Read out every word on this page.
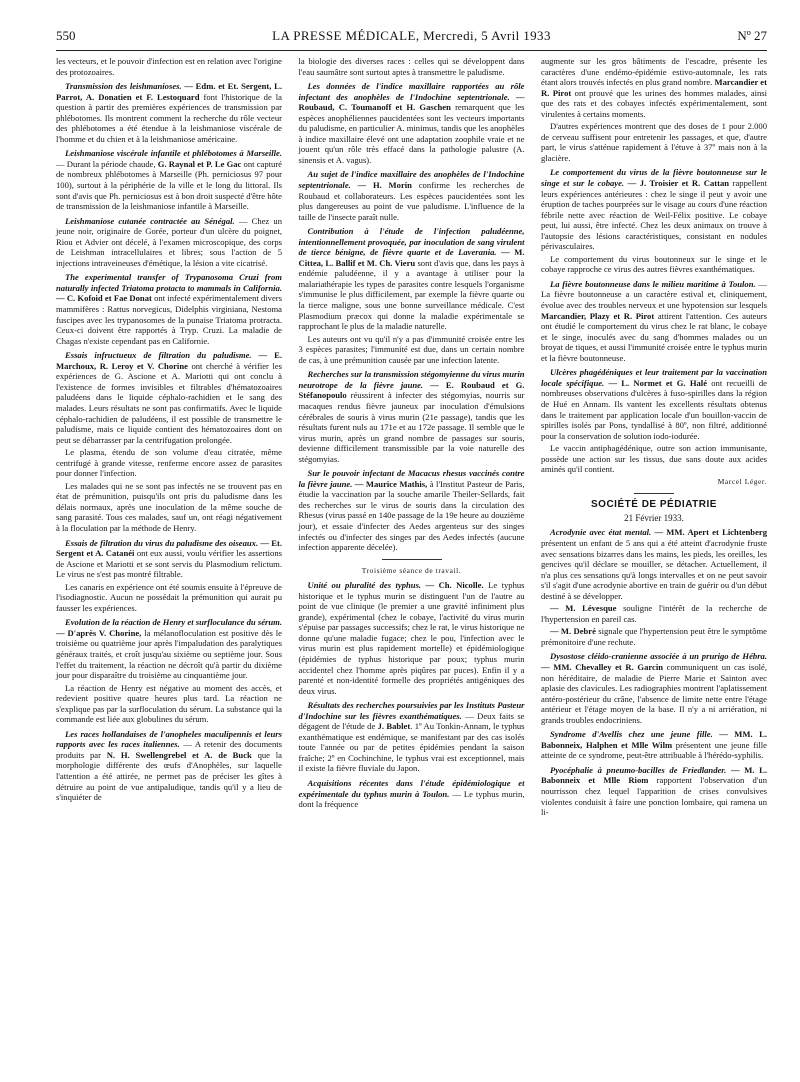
550	LA PRESSE MÉDICALE, Mercredi, 5 Avril 1933	Nº 27

les vecteurs, et le pouvoir d'infection est en relation avec l'origine des protozoaires.

Transmission des leishmanioses. — Edm. et Et. Sergent, L. Parrot, A. Donatien et F. Lestoquard font l'historique de la question à partir des premières expériences de transmission par phlébotomes. Ils montrent comment la recherche du rôle vecteur des phlébotomes a été étendue à la leishmaniose viscérale de l'homme et du chien et à la leishmaniose américaine.

Leishmaniose viscérale infantile et phlébotomes à Marseille. — Durant la période chaude, G. Raynal et P. Le Gac ont capturé de nombreux phlébotomes à Marseille (Ph. perniciosus 97 pour 100), surtout à la périphérie de la ville et le long du littoral. Ils sont d'avis que Ph. perniciosus est à bon droit suspecté d'être hôte de transmission de la leishmaniose infantile à Marseille.

Leishmaniose cutanée contractée au Sénégal. — Chez un jeune noir, originaire de Gorée, porteur d'un ulcère du poignet, Riou et Advier ont décelé, à l'examen microscopique, des corps de Leishman intracellulaires et libres; sous l'action de 5 injections intraveineuses d'émétique, la lésion a vite cicatrisé.

The experimental transfer of Trypanosoma Cruzi from naturally infected Triatoma protacta to mammals in California. — C. Kofoid et Fae Donat ont infecté expérimentalement divers mammifères : Rattus norvegicus, Didelphis virginiana, Nestoma fuscipes avec les trypanosomes de la punaise Triatoma protracta. Ceux-ci doivent être rapportés à Tryp. Cruzi. La maladie de Chagas n'existe cependant pas en Californie.

Essais infructueux de filtration du paludisme. — E. Marchoux, R. Leroy et V. Chorine ont cherché à vérifier les expériences de G. Ascione et A. Mariotti qui ont conclu à l'existence de formes invisibles et filtrables d'hématozoaires paludéens dans le liquide céphalo-rachidien et le sang des malades. Leurs résultats ne sont pas confirmatifs. Avec le liquide céphalo-rachidien de paludéens, il est possible de transmettre le paludisme, mais ce liquide contient des hématozoaires dont on peut se débarrasser par la centrifugation prolongée.

Le plasma, étendu de son volume d'eau citratée, même centrifugé à grande vitesse, renferme encore assez de parasites pour donner l'infection.

Les malades qui ne se sont pas infectés ne se trouvent pas en état de prémunition, puisqu'ils ont pris du paludisme dans les délais normaux, après une inoculation de la même souche de sang parasité. Tous ces malades, sauf un, ont réagi négativement à la floculation par la méthode de Henry.

Essais de filtration du virus du paludisme des oiseaux. — Et. Sergent et A. Catanéi ont eux aussi, voulu vérifier les assertions de Ascione et Mariotti et se sont servis du Plasmodium relictum. Le virus ne s'est pas montré filtrable.

Les canaris en expérience ont été soumis ensuite à l'épreuve de l'isodiagnostic. Aucun ne possédait la prémunition qui aurait pu fausser les expériences.

Evolution de la réaction de Henry et surfloculance du sérum. — D'après V. Chorine, la mélanofloculation est positive dès le troisième ou quatrième jour après l'impaludation des paralytiques généraux traités, et croît jusqu'au sixième ou septième jour. Sous l'effet du traitement, la réaction ne décroît qu'à partir du dixième jour pour disparaître du troisième au cinquantième jour.

La réaction de Henry est négative au moment des accès, et redevient positive quatre heures plus tard. La réaction ne s'explique pas par la surfloculation du sérum. La substance qui la commande est liée aux globulines du sérum.

Les races hollandaises de l'anopheles maculipennis et leurs rapports avec les races italiennes. — A retenir des documents produits par N. H. Swellengrebel et A. de Buck que la morphologie différente des œufs d'Anophèles, sur laquelle l'attention a été attirée, ne permet pas de préciser les gîtes à détruire au point de vue antipaludique, tandis qu'il y a lieu de s'inquiéter de

la biologie des diverses races : celles qui se développent dans l'eau saumâtre sont surtout aptes à transmettre le paludisme.

Les données de l'indice maxillaire rapportées au rôle infectant des anophèles de l'Indochine septentrionale. — Roubaud, C. Toumanoff et H. Gaschen remarquent que les espèces anophéliennes paucidentées sont les vecteurs importants du paludisme, en particulier A. minimus, tandis que les anophèles à indice maxillaire élevé ont une adaptation zoophile vraie et ne jouent qu'un rôle très effacé dans la pathologie palustre (A. sinensis et A. vagus).

Au sujet de l'indice maxillaire des anophèles de l'Indochine septentrionale. — H. Morin confirme les recherches de Roubaud et collaborateurs. Les espèces paucidentées sont les plus dangereuses au point de vue paludisme. L'influence de la taille de l'insecte paraît nulle.

Contribution à l'étude de l'infection paludéenne, intentionnellement provoquée, par inoculation de sang virulent de tierce bénigne, de fièvre quarte et de Laverania. — M. Cittea, L. Ballif et M. Ch. Vieru sont d'avis que, dans les pays à endémie paludéenne, il y a avantage à utiliser pour la malariathérapie les types de parasites contre lesquels l'organisme s'immunise le plus difficilement, par exemple la fièvre quarte ou la tierce maligne, sous une bonne surveillance médicale. C'est Plasmodium præcox qui donne la maladie expérimentale se rapprochant le plus de la maladie naturelle.

Les auteurs ont vu qu'il n'y a pas d'immunité croisée entre les 3 espèces parasites; l'immunité est due, dans un certain nombre de cas, à une prémunition causée par une infection latente.

Recherches sur la transmission stégomyienne du virus murin neurotrope de la fièvre jaune. — E. Roubaud et G. Stéfanopoulo réussirent à infecter des stégomyias, nourris sur macaques rendus fièvre jauneux par inoculation d'émulsions cérébrales de souris à virus murin (21e passage), tandis que les résultats furent nuls au 171e et au 172e passage. Il semble que le virus murin, après un grand nombre de passages sur souris, devienne difficilement transmissible par la voie naturelle des stégomyias.

Sur le pouvoir infectant de Macacus rhesus vaccinés contre la fièvre jaune. — Maurice Mathis, à l'Institut Pasteur de Paris, étudie la vaccination par la souche amarile Theiler-Sellards, fait des recherches sur le virus de souris dans la circulation des Rhesus (virus passé en 140e passage de la 19e heure au douzième jour), et essaie d'infecter des Aedes argenteus sur des singes infectés ou d'infecter des singes par des Aedes infectés (aucune infection apparente décelée).

Troisième séance de travail.

Unité ou pluralité des typhus. — Ch. Nicolle. Le typhus historique et le typhus murin se distinguent l'un de l'autre au point de vue clinique (le premier a une gravité infiniment plus grande), expérimental (chez le cobaye, l'activité du virus murin s'épuise par passages successifs; chez le rat, le virus historique ne donne qu'une maladie fugace; chez le pou, l'infection avec le virus murin est plus rapidement mortelle) et épidémiologique (épidémies de typhus historique par poux; typhus murin accidentel chez l'homme après piqûres par puces). Enfin il y a parenté et non-identité formelle des propriétés antigéniques des deux virus.

Résultats des recherches poursuivies par les Instituts Pasteur d'Indochine sur les fièvres exanthématiques. — Deux faits se dégagent de l'étude de J. Bablet. 1º Au Tonkin-Annam, le typhus exanthématique est endémique, se manifestant par des cas isolés toute l'année ou par de petites épidémies pendant la saison fraîche; 2º en Cochinchine, le typhus vrai est exceptionnel, mais il existe la fièvre fluviale du Japon.

Acquisitions récentes dans l'étude épidémiologique et expérimentale du typhus murin à Toulon. — Le typhus murin, dont la fréquence

augmente sur les gros bâtiments de l'escadre, présente les caractères d'une endémo-épidémie estivo-automnale, les rats étant alors trouvés infectés en plus grand nombre. Marcandier et R. Pirot ont prouvé que les urines des hommes malades, ainsi que des rats et des cobayes infectés expérimentalement, sont virulentes à certains moments.

D'autres expériences montrent que des doses de 1 pour 2.000 de cerveau suffisent pour entretenir les passages, et que, d'autre part, le virus s'atténue rapidement à l'étuve à 37º mais non à la glacière.

Le comportement du virus de la fièvre boutonneuse sur le singe et sur le cobaye. — J. Troisier et R. Cattan rappellent leurs expériences antérieures : chez le singe il peut y avoir une éruption de taches pourprées sur le visage au cours d'une réaction fébrile nette avec réaction de Weil-Félix positive. Le cobaye peut, lui aussi, être infecté. Chez les deux animaux on trouve à l'autopsie des lésions caractéristiques, consistant en nodules périvasculaires.

Le comportement du virus boutonneux sur le singe et le cobaye rapproche ce virus des autres fièvres exanthématiques.

La fièvre boutonneuse dans le milieu maritime à Toulon. — La fièvre boutonneuse a un caractère estival et, cliniquement, évolue avec des troubles nerveux et une hypotension sur lesquels Marcandier, Plazy et R. Pirot attirent l'attention. Ces auteurs ont étudié le comportement du virus chez le rat blanc, le cobaye et le singe, inoculés avec du sang d'hommes malades ou un broyat de tiques, et aussi l'immunité croisée entre le typhus murin et la fièvre boutonneuse.

Ulcères phagédéniques et leur traitement par la vaccination locale spécifique. — L. Normet et G. Halé ont recueilli de nombreuses observations d'ulcères à fuso-spirilles dans la région de Hué en Annam. Ils vantent les excellents résultats obtenus dans le traitement par application locale d'un bouillon-vaccin de spirilles isolés par Pons, tyndallisé à 80º, non filtré, additionné pour la conservation de solution iodo-iodurée.

Le vaccin antiphagédénique, outre son action immunisante, possède une action sur les tissus, due sans doute aux acides aminés qu'il contient.

Marcel Léger.

SOCIÉTÉ DE PÉDIATRIE
21 Février 1933.

Acrodynie avec état mental. — MM. Apert et Lichtenberg présentent un enfant de 5 ans qui a été atteint d'acrodynie fruste avec sensations bizarres dans les mains, les pieds, les oreilles, les gencives qu'il déclare se mouiller, se détacher. Actuellement, il n'a plus ces sensations qu'à longs intervalles et on ne peut savoir s'il s'agit d'une acrodynie abortive en train de guérir ou d'un début destiné à se développer.

— M. Lévesque souligne l'intérêt de la recherche de l'hypertension en pareil cas.

— M. Debré signale que l'hypertension peut être le symptôme prémonitoire d'une rechute.

Dysostose cléido-cranienne associée à un prurigo de Hébra. — MM. Chevalley et R. Garcin communiquent un cas isolé, non héréditaire, de maladie de Pierre Marie et Sainton avec aplasie des clavicules. Les radiographies montrent l'aplatissement antéro-postérieur du crâne, l'absence de limite nette entre l'étage antérieur et l'étage moyen de la base. Il n'y a ni arriération, ni grands troubles endocriniens.

Syndrome d'Avellis chez une jeune fille. — MM. L. Babonneix, Halphen et Mlle Wilm présentent une jeune fille atteinte de ce syndrome, peut-être attribuable à l'hérédo-syphilis.

Pyocéphalie à pneumo-bacilles de Friedlander. — M. L. Babonneix et Mlle Riom rapportent l'observation d'un nourrisson chez lequel l'apparition de crises convulsives violentes conduisit à faire une ponction lombaire, qui ramena un li-
